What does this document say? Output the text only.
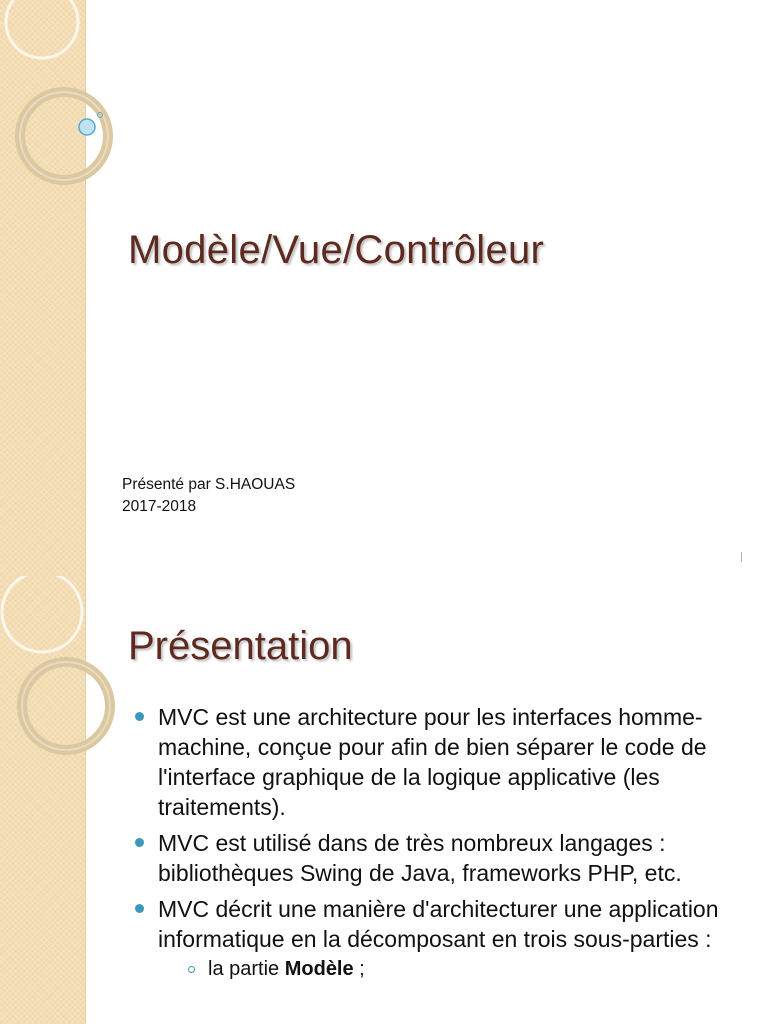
Modèle/Vue/Contrôleur
Présenté par S.HAOUAS
2017-2018
Présentation
MVC est une architecture pour les interfaces homme-machine, conçue pour afin de bien séparer le code de l'interface graphique de la logique applicative (les traitements).
MVC est utilisé dans de très nombreux langages : bibliothèques Swing de Java, frameworks PHP, etc.
MVC décrit une manière d'architecturer une application informatique en la décomposant en trois sous-parties :
la partie Modèle ;
